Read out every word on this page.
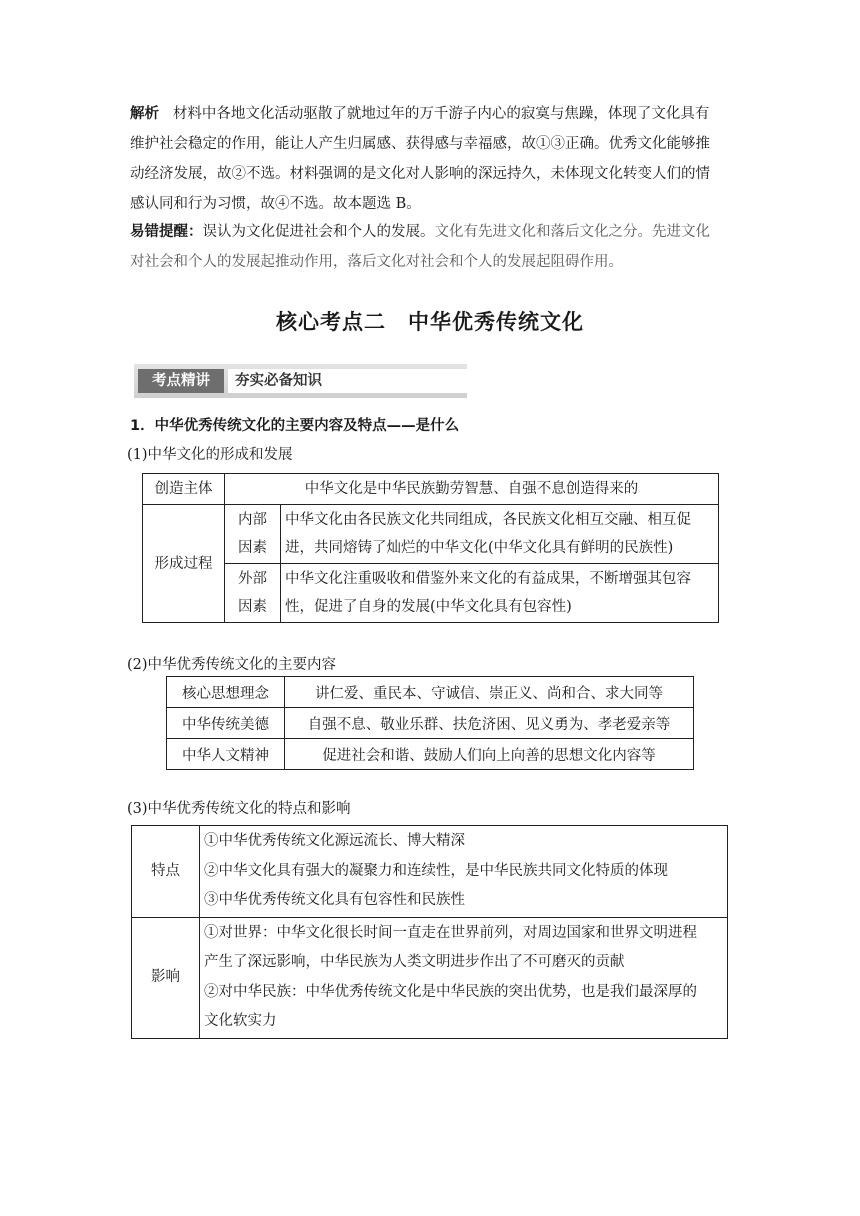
解析 材料中各地文化活动驱散了就地过年的万千游子内心的寂寞与焦躁，体现了文化具有
维护社会稳定的作用，能让人产生归属感、获得感与幸福感，故①③正确。优秀文化能够推
动经济发展，故②不选。材料强调的是文化对人影响的深远持久，未体现文化转变人们的情
感认同和行为习惯，故④不选。故本题选 B。
易错提醒：误认为文化促进社会和个人的发展。文化有先进文化和落后文化之分。先进文化
对社会和个人的发展起推动作用，落后文化对社会和个人的发展起阻碍作用。
核心考点二　中华优秀传统文化
考点精讲	夯实必备知识
1．中华优秀传统文化的主要内容及特点——是什么
(1)中华文化的形成和发展
创造主体	中华文化是中华民族勤劳智慧、自强不息创造得来的	
形成过程	内部因素	中华文化由各民族文化共同组成，各民族文化相互交融、相互促
进，共同熔铸了灿烂的中华文化(中华文化具有鲜明的民族性)

	外部因素	中华文化注重吸收和借鉴外来文化的有益成果，不断增强其包容
性，促进了自身的发展(中华文化具有包容性)
(2)中华优秀传统文化的主要内容
核心思想理念	讲仁爱、重民本、守诚信、崇正义、尚和合、求大同等
中华传统美德	自强不息、敬业乐群、扶危济困、见义勇为、孝老爱亲等
中华人文精神	促进社会和谐、鼓励人们向上向善的思想文化内容等
(3)中华优秀传统文化的特点和影响
特点	①中华优秀传统文化源远流长、博大精深
②中华文化具有强大的凝聚力和连续性，是中华民族共同文化特质的体现
③中华优秀传统文化具有包容性和民族性

影响	①对世界：中华文化很长时间一直走在世界前列，对周边国家和世界文明进程
产生了深远影响，中华民族为人类文明进步作出了不可磨灭的贡献
②对中华民族：中华优秀传统文化是中华民族的突出优势，也是我们最深厚的
文化软实力
